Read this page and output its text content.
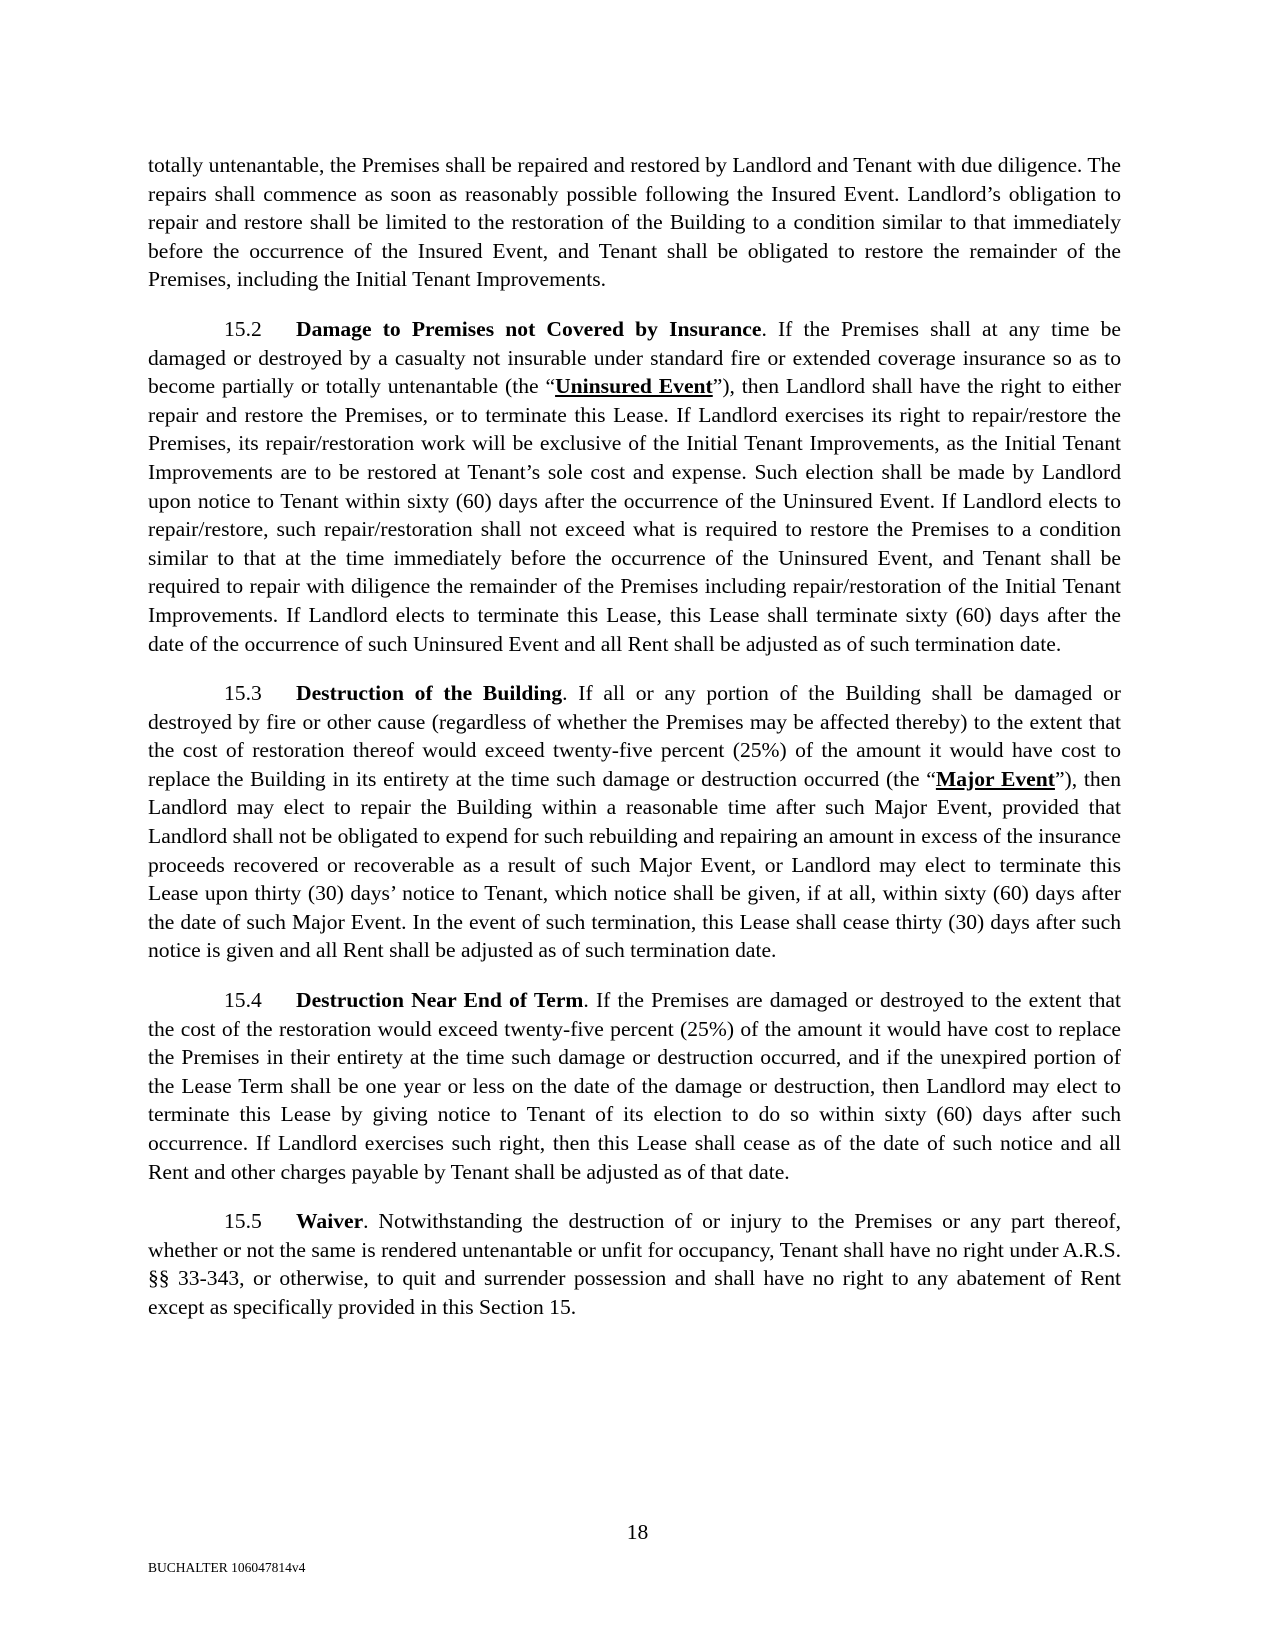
totally untenantable, the Premises shall be repaired and restored by Landlord and Tenant with due diligence. The repairs shall commence as soon as reasonably possible following the Insured Event. Landlord’s obligation to repair and restore shall be limited to the restoration of the Building to a condition similar to that immediately before the occurrence of the Insured Event, and Tenant shall be obligated to restore the remainder of the Premises, including the Initial Tenant Improvements.

15.2 Damage to Premises not Covered by Insurance. If the Premises shall at any time be damaged or destroyed by a casualty not insurable under standard fire or extended coverage insurance so as to become partially or totally untenantable (the “Uninsured Event”), then Landlord shall have the right to either repair and restore the Premises, or to terminate this Lease. If Landlord exercises its right to repair/restore the Premises, its repair/restoration work will be exclusive of the Initial Tenant Improvements, as the Initial Tenant Improvements are to be restored at Tenant’s sole cost and expense. Such election shall be made by Landlord upon notice to Tenant within sixty (60) days after the occurrence of the Uninsured Event. If Landlord elects to repair/restore, such repair/restoration shall not exceed what is required to restore the Premises to a condition similar to that at the time immediately before the occurrence of the Uninsured Event, and Tenant shall be required to repair with diligence the remainder of the Premises including repair/restoration of the Initial Tenant Improvements. If Landlord elects to terminate this Lease, this Lease shall terminate sixty (60) days after the date of the occurrence of such Uninsured Event and all Rent shall be adjusted as of such termination date.

15.3 Destruction of the Building. If all or any portion of the Building shall be damaged or destroyed by fire or other cause (regardless of whether the Premises may be affected thereby) to the extent that the cost of restoration thereof would exceed twenty-five percent (25%) of the amount it would have cost to replace the Building in its entirety at the time such damage or destruction occurred (the “Major Event”), then Landlord may elect to repair the Building within a reasonable time after such Major Event, provided that Landlord shall not be obligated to expend for such rebuilding and repairing an amount in excess of the insurance proceeds recovered or recoverable as a result of such Major Event, or Landlord may elect to terminate this Lease upon thirty (30) days’ notice to Tenant, which notice shall be given, if at all, within sixty (60) days after the date of such Major Event. In the event of such termination, this Lease shall cease thirty (30) days after such notice is given and all Rent shall be adjusted as of such termination date.

15.4 Destruction Near End of Term. If the Premises are damaged or destroyed to the extent that the cost of the restoration would exceed twenty-five percent (25%) of the amount it would have cost to replace the Premises in their entirety at the time such damage or destruction occurred, and if the unexpired portion of the Lease Term shall be one year or less on the date of the damage or destruction, then Landlord may elect to terminate this Lease by giving notice to Tenant of its election to do so within sixty (60) days after such occurrence. If Landlord exercises such right, then this Lease shall cease as of the date of such notice and all Rent and other charges payable by Tenant shall be adjusted as of that date.

15.5 Waiver. Notwithstanding the destruction of or injury to the Premises or any part thereof, whether or not the same is rendered untenantable or unfit for occupancy, Tenant shall have no right under A.R.S. §§ 33-343, or otherwise, to quit and surrender possession and shall have no right to any abatement of Rent except as specifically provided in this Section 15.

18
BUCHALTER 106047814v4
